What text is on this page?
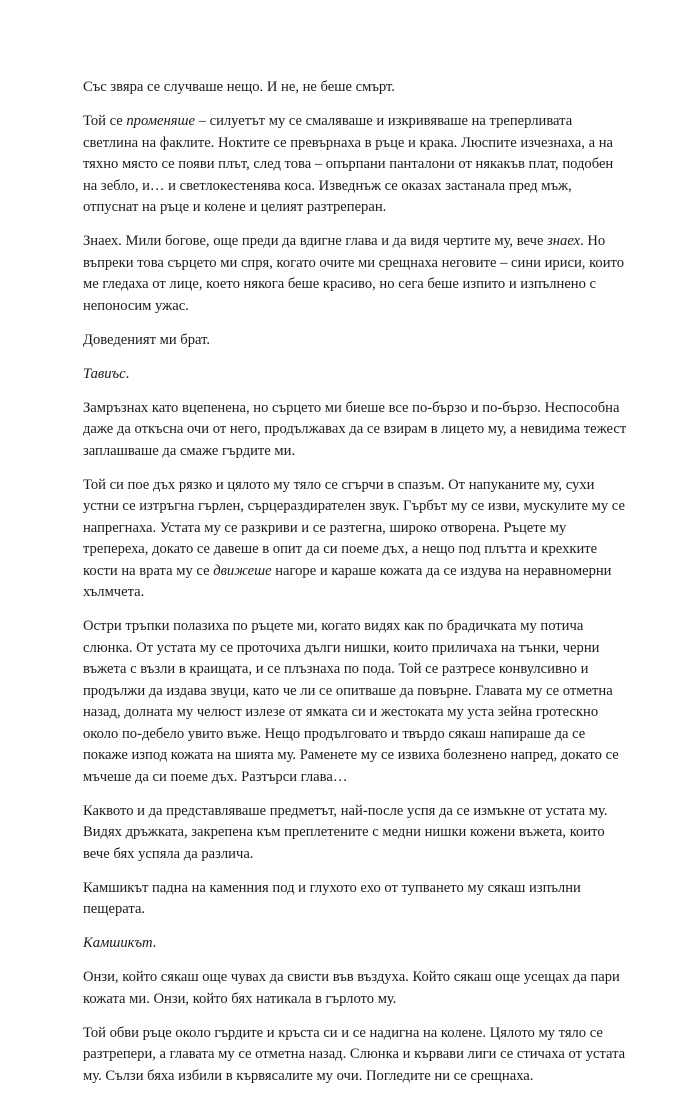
Със звяра се случваше нещо. И не, не беше смърт.

Той се променяше – силуетът му се смаляваше и изкривяваше на треперливата светлина на факлите. Ноктите се превърнаха в ръце и крака. Люспите изчезнаха, а на тяхно място се появи плът, след това – опърпани панталони от някакъв плат, подобен на зебло, и… и светлокестенява коса. Изведнъж се оказах застанала пред мъж, отпуснат на ръце и колене и целият разтреперан.

Знаех. Мили богове, още преди да вдигне глава и да видя чертите му, вече знаех. Но въпреки това сърцето ми спря, когато очите ми срещнаха неговите – сини ириси, които ме гледаха от лице, което някога беше красиво, но сега беше изпито и изпълнено с непоносим ужас.

Доведеният ми брат.

Тавиъс.

Замръзнах като вцепенена, но сърцето ми биеше все по-бързо и по-бързо. Неспособна даже да откъсна очи от него, продължавах да се взирам в лицето му, а невидима тежест заплашваше да смаже гърдите ми.

Той си пое дъх рязко и цялото му тяло се сгърчи в спазъм. От напуканите му, сухи устни се изтръгна гърлен, сърцераздирателен звук. Гърбът му се изви, мускулите му се напрегнаха. Устата му се разкриви и се разтегна, широко отворена. Ръцете му трепереха, докато се давеше в опит да си поеме дъх, а нещо под плътта и крехките кости на врата му се движеше нагоре и караше кожата да се издува на неравномерни хълмчета.

Остри тръпки полазиха по ръцете ми, когато видях как по брадичката му потича слюнка. От устата му се проточиха дълги нишки, които приличаха на тънки, черни въжета с възли в краищата, и се плъзнаха по пода. Той се разтресе конвулсивно и продължи да издава звуци, като че ли се опитваше да повърне. Главата му се отметна назад, долната му челюст излезе от ямката си и жестоката му уста зейна гротескно около по-дебело увито въже. Нещо продълговато и твърдо сякаш напираше да се покаже изпод кожата на шията му. Раменете му се извиха болезнено напред, докато се мъчеше да си поеме дъх. Разтърси глава…

Каквото и да представляваше предметът, най-после успя да се измъкне от устата му. Видях дръжката, закрепена към преплетените с медни нишки кожени въжета, които вече бях успяла да различа.

Камшикът падна на каменния под и глухото ехо от тупването му сякаш изпълни пещерата.

Камшикът.

Онзи, който сякаш още чувах да свисти във въздуха. Който сякаш още усещах да пари кожата ми. Онзи, който бях натикала в гърлото му.

Той обви ръце около гърдите и кръста си и се надигна на колене. Цялото му тяло се разтрепери, а главата му се отметна назад. Слюнка и кървави лиги се стичаха от устата му. Сълзи бяха избили в кървясалите му очи. Погледите ни се срещнаха.
